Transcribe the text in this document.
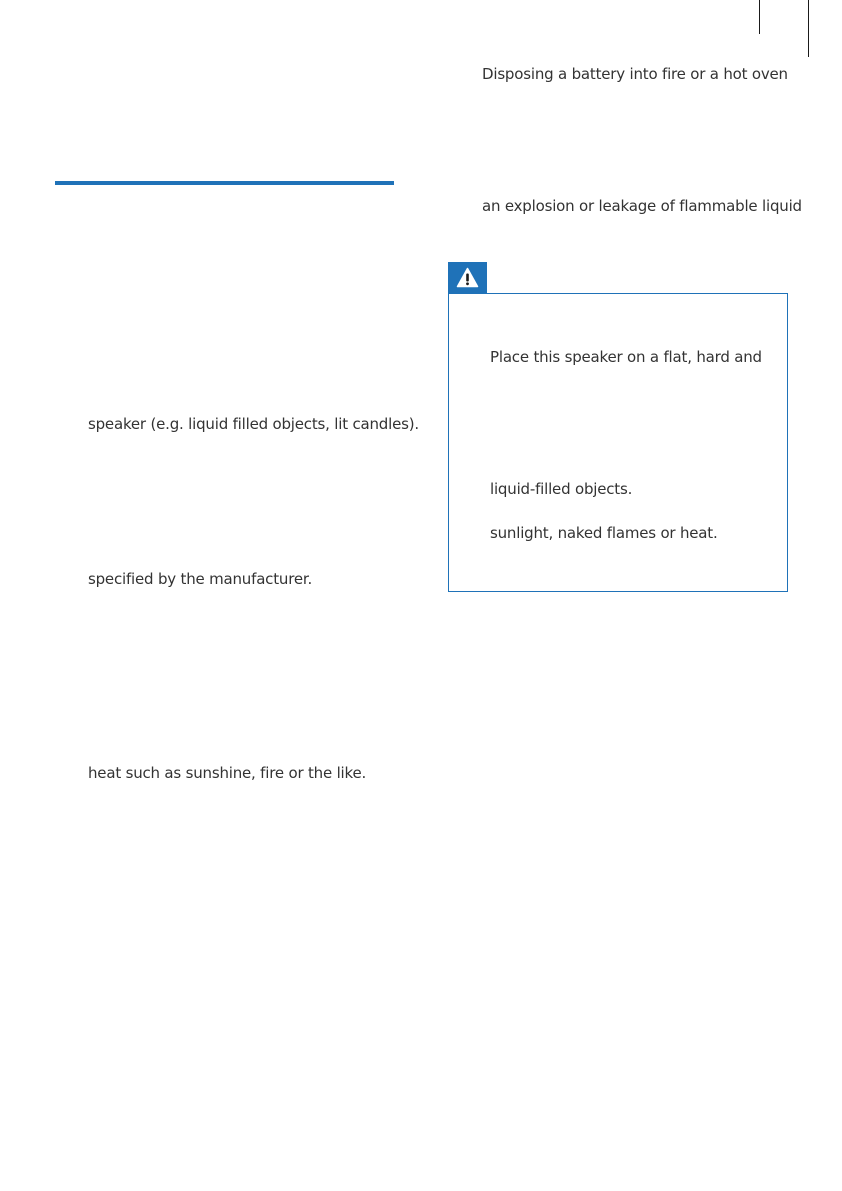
speaker (e.g. liquid filled objects, lit candles).
specified by the manufacturer.
heat such as sunshine, fire or the like.
Disposing a battery into fire or a hot oven
an explosion or leakage of flammable liquid
Place this speaker on a flat, hard and
liquid-filled objects.
sunlight, naked flames or heat.
